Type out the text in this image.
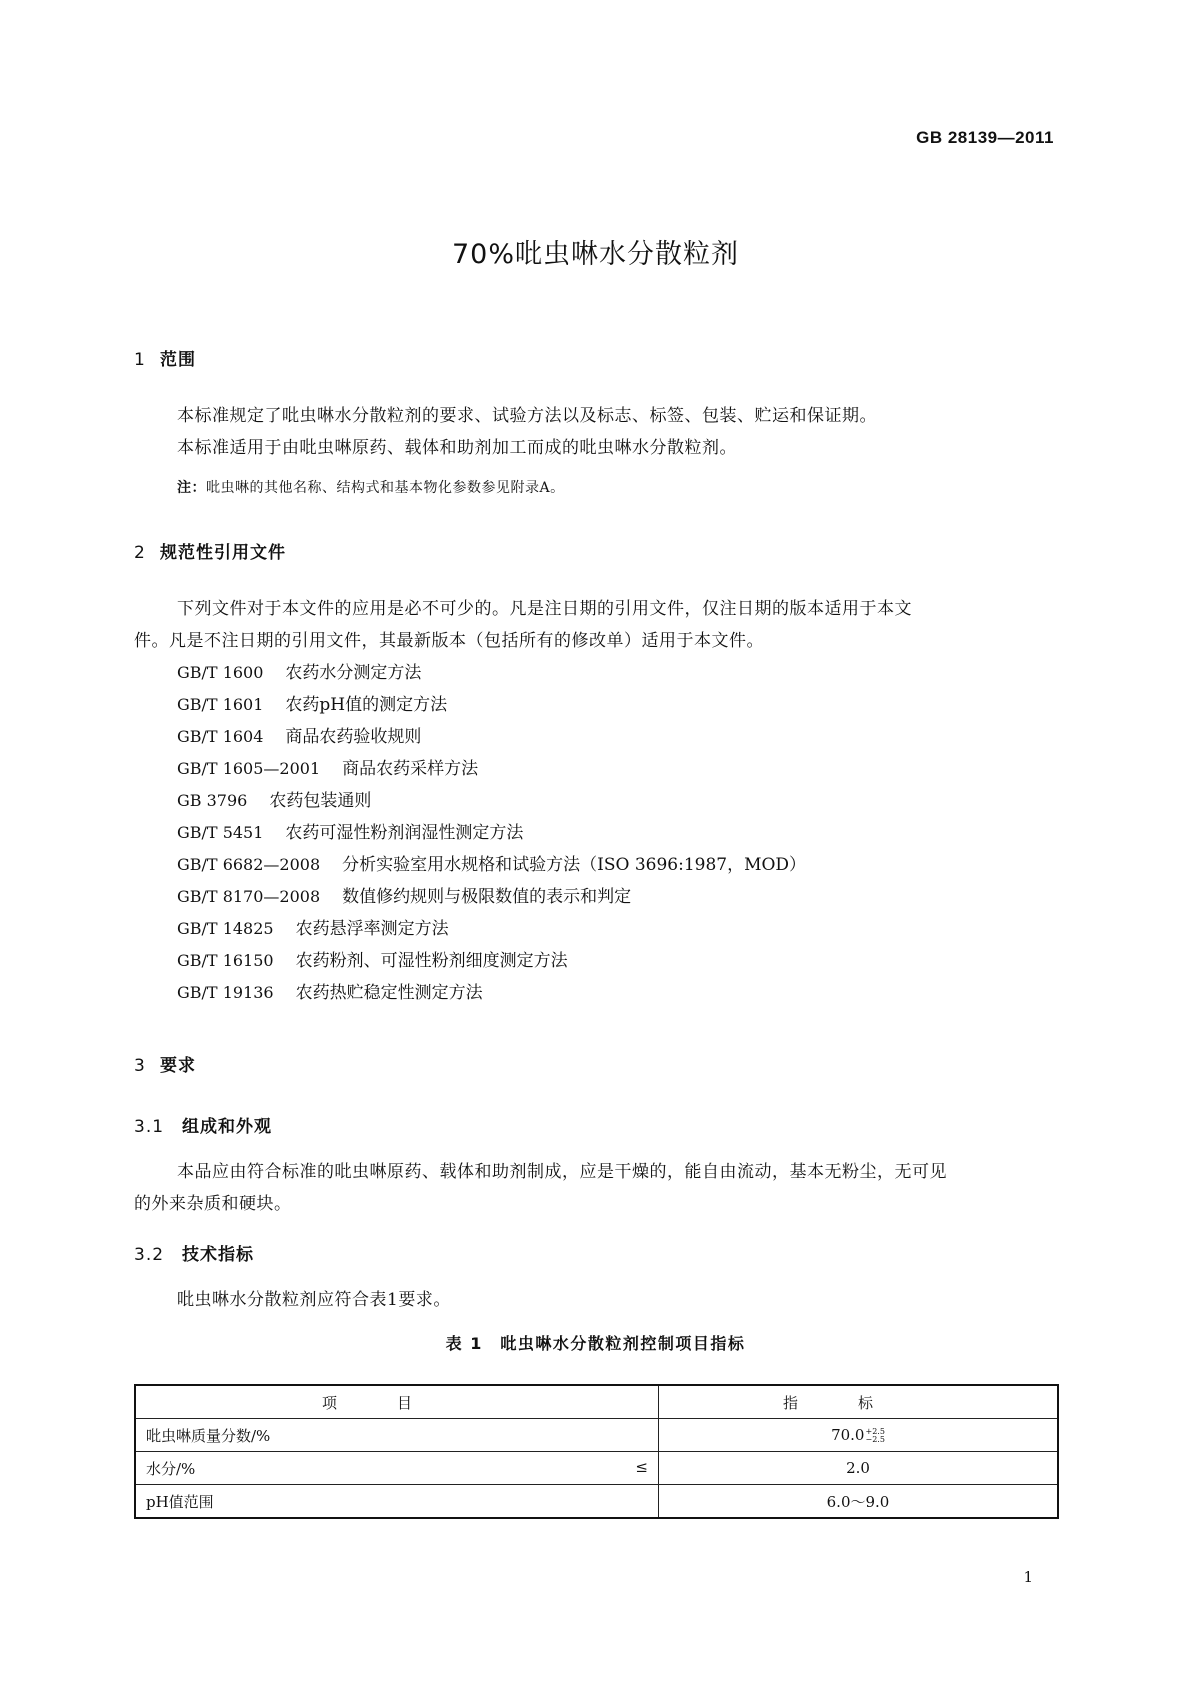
GB 28139—2011
70%吡虫啉水分散粒剂
1 范围
本标准规定了吡虫啉水分散粒剂的要求、试验方法以及标志、标签、包装、贮运和保证期。
本标准适用于由吡虫啉原药、载体和助剂加工而成的吡虫啉水分散粒剂。
注：吡虫啉的其他名称、结构式和基本物化参数参见附录A。
2 规范性引用文件
下列文件对于本文件的应用是必不可少的。凡是注日期的引用文件，仅注日期的版本适用于本文
件。凡是不注日期的引用文件，其最新版本（包括所有的修改单）适用于本文件。
GB/T 1600 农药水分测定方法
GB/T 1601 农药pH值的测定方法
GB/T 1604 商品农药验收规则
GB/T 1605—2001 商品农药采样方法
GB 3796 农药包装通则
GB/T 5451 农药可湿性粉剂润湿性测定方法
GB/T 6682—2008 分析实验室用水规格和试验方法（ISO 3696:1987，MOD）
GB/T 8170—2008 数值修约规则与极限数值的表示和判定
GB/T 14825 农药悬浮率测定方法
GB/T 16150 农药粉剂、可湿性粉剂细度测定方法
GB/T 19136 农药热贮稳定性测定方法
3 要求
3.1 组成和外观
本品应由符合标准的吡虫啉原药、载体和助剂制成，应是干燥的，能自由流动，基本无粉尘，无可见
的外来杂质和硬块。
3.2 技术指标
吡虫啉水分散粒剂应符合表1要求。
表 1　吡虫啉水分散粒剂控制项目指标
项目	指标
吡虫啉质量分数/%	70.0 +2.5
−2.5

水分/% ≤	2.0
pH值范围	6.0～9.0
1
